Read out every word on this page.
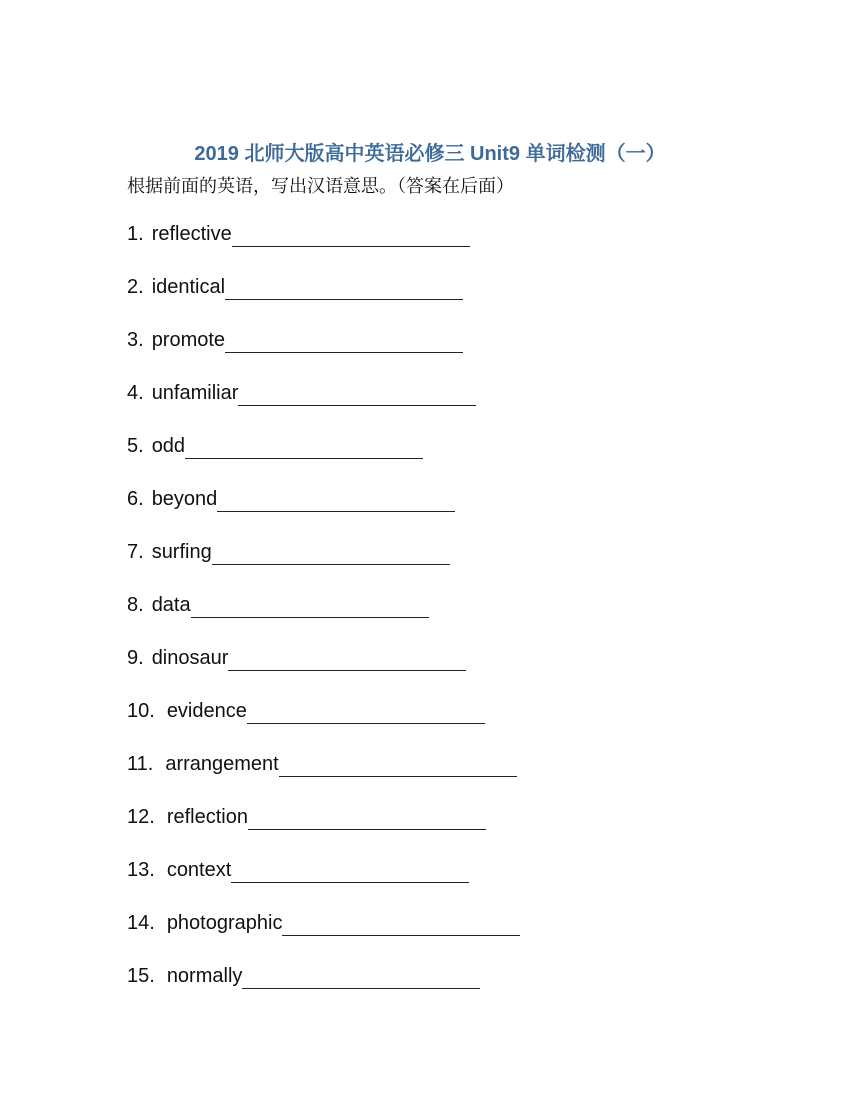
2019 北师大版高中英语必修三 Unit9 单词检测（一）
根据前面的英语，写出汉语意思。（答案在后面）
1. reflective
2. identical
3. promote
4. unfamiliar
5. odd
6. beyond
7. surfing
8. data
9. dinosaur
10. evidence
11. arrangement
12. reflection
13. context
14. photographic
15. normally
